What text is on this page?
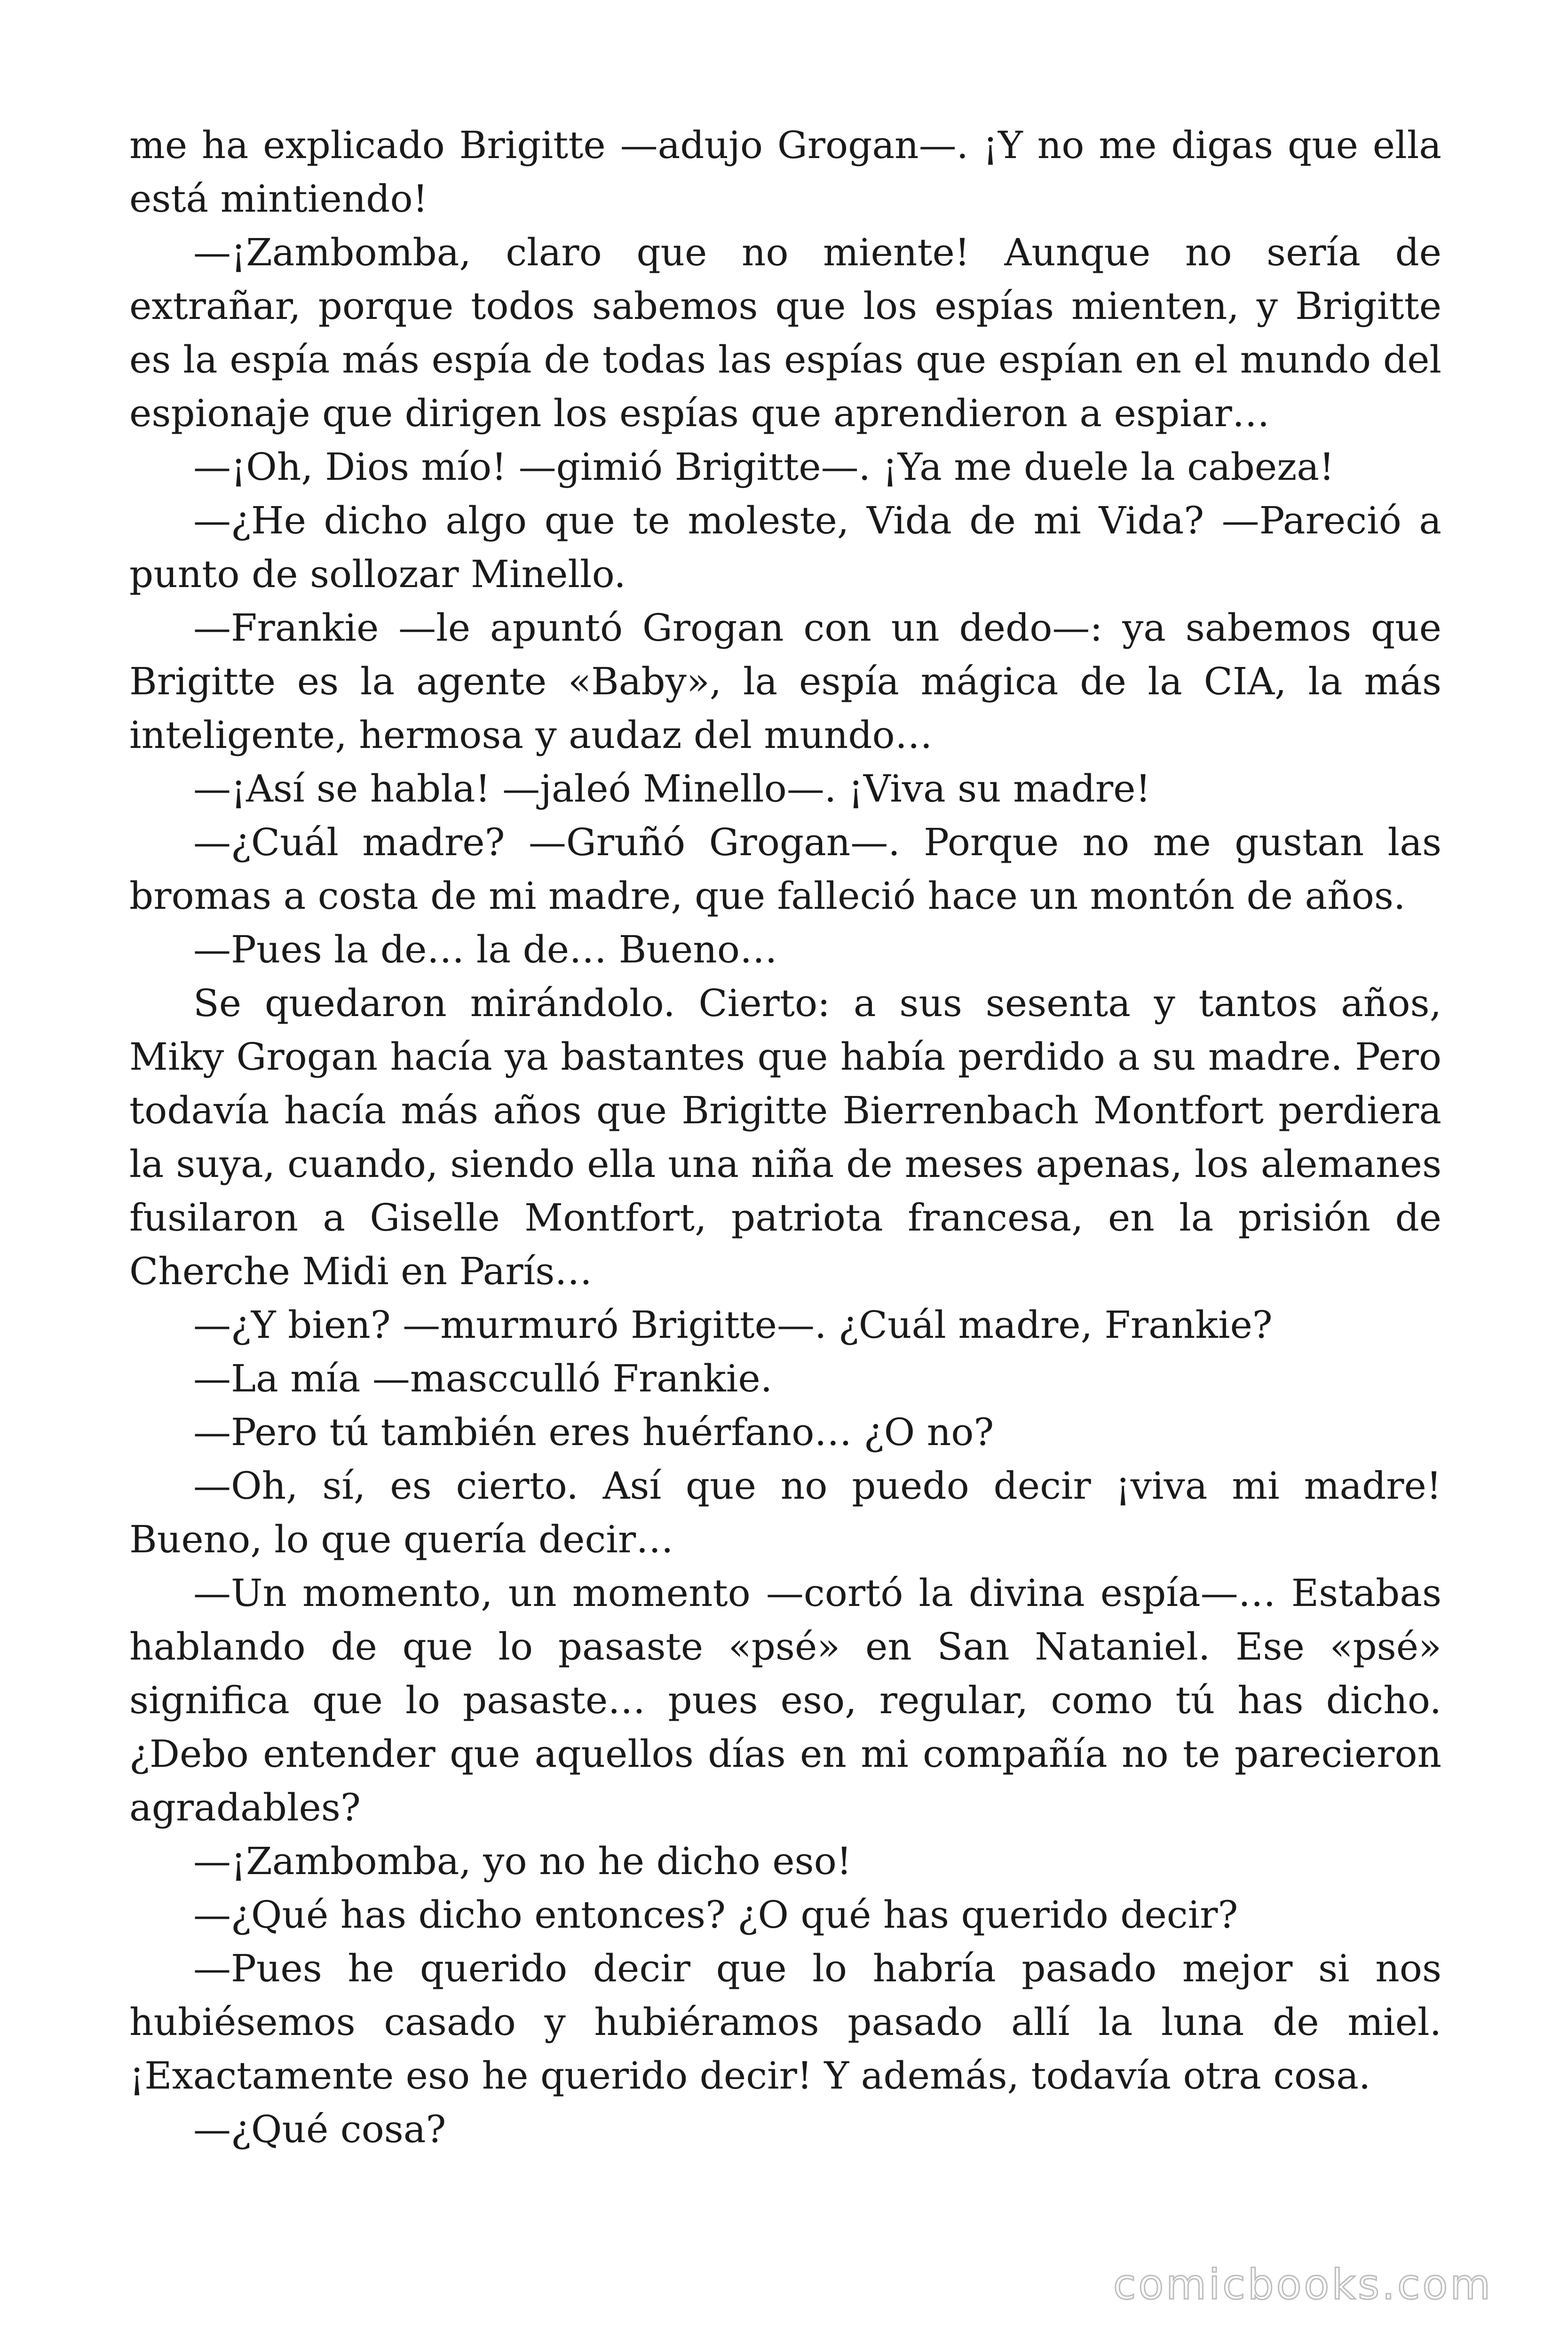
me ha explicado Brigitte —adujo Grogan—. ¡Y no me digas que ella está mintiendo!

—¡Zambomba, claro que no miente! Aunque no sería de extrañar, porque todos sabemos que los espías mienten, y Brigitte es la espía más espía de todas las espías que espían en el mundo del espionaje que dirigen los espías que aprendieron a espiar…

—¡Oh, Dios mío! —gimió Brigitte—. ¡Ya me duele la cabeza!

—¿He dicho algo que te moleste, Vida de mi Vida? —Pareció a punto de sollozar Minello.

—Frankie —le apuntó Grogan con un dedo—: ya sabemos que Brigitte es la agente «Baby», la espía mágica de la CIA, la más inteligente, hermosa y audaz del mundo…

—¡Así se habla! —jaleó Minello—. ¡Viva su madre!

—¿Cuál madre? —Gruñó Grogan—. Porque no me gustan las bromas a costa de mi madre, que falleció hace un montón de años.

—Pues la de… la de… Bueno…

Se quedaron mirándolo. Cierto: a sus sesenta y tantos años, Miky Grogan hacía ya bastantes que había perdido a su madre. Pero todavía hacía más años que Brigitte Bierrenbach Montfort perdiera la suya, cuando, siendo ella una niña de meses apenas, los alemanes fusilaron a Giselle Montfort, patriota francesa, en la prisión de Cherche Midi en París…

—¿Y bien? —murmuró Brigitte—. ¿Cuál madre, Frankie?

—La mía —mascculló Frankie.

—Pero tú también eres huérfano… ¿O no?

—Oh, sí, es cierto. Así que no puedo decir ¡viva mi madre! Bueno, lo que quería decir…

—Un momento, un momento —cortó la divina espía—… Estabas hablando de que lo pasaste «psé» en San Nataniel. Ese «psé» significa que lo pasaste… pues eso, regular, como tú has dicho. ¿Debo entender que aquellos días en mi compañía no te parecieron agradables?

—¡Zambomba, yo no he dicho eso!

—¿Qué has dicho entonces? ¿O qué has querido decir?

—Pues he querido decir que lo habría pasado mejor si nos hubiésemos casado y hubiéramos pasado allí la luna de miel. ¡Exactamente eso he querido decir! Y además, todavía otra cosa.

—¿Qué cosa?

comicbooks.com
